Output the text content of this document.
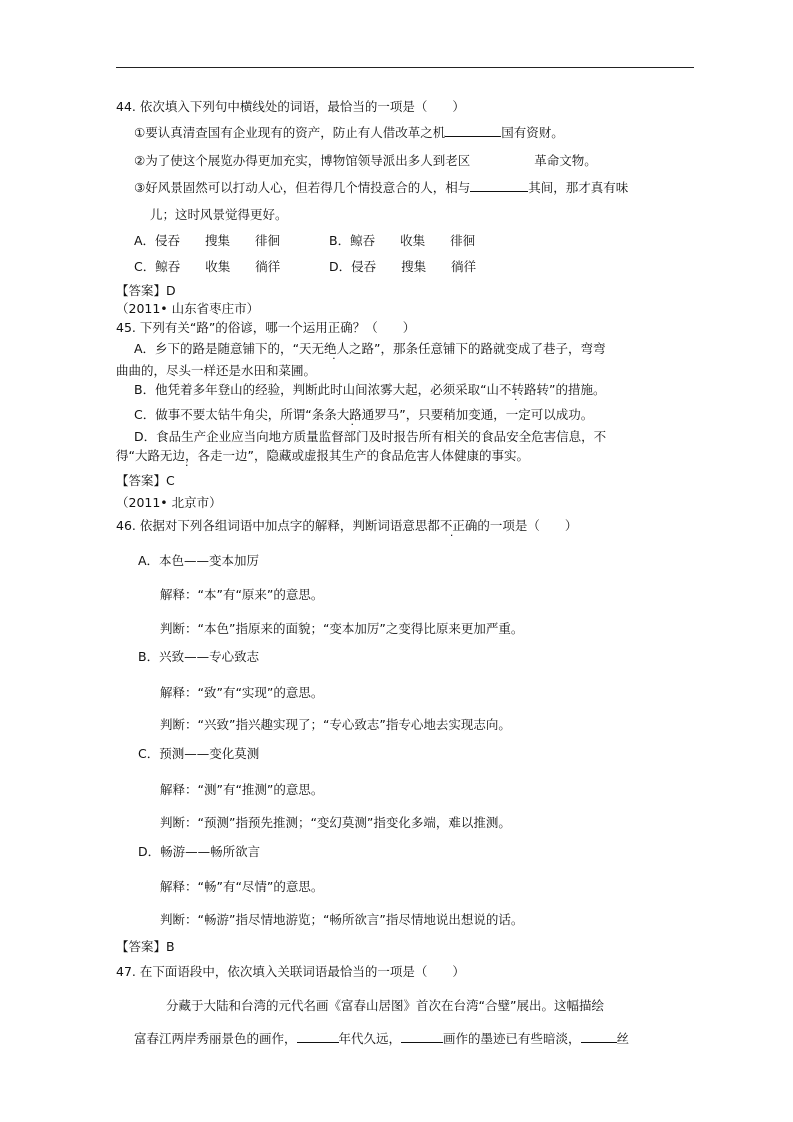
44. 依次填入下列句中横线处的词语，最恰当的一项是（　　）
①要认真清查国有企业现有的资产，防止有人借改革之机	国有资财。
②为了使这个展览办得更加充实，博物馆领导派出多人到老区	革命文物。
③好风景固然可以打动人心，但若得几个情投意合的人，相与	其间，那才真有味
儿；这时风景觉得更好。
A．侵吞　　搜集　　徘徊	B．鲸吞　　收集　　徘徊
C．鲸吞　　收集　　徜徉	D．侵吞　　搜集　　徜徉
【答案】D
（2011• 山东省枣庄市）
45. 下列有关“路”的俗谚，哪一个运用正确？（　　）
A．乡下的路是随意铺下的，“天无绝人之路” .，那条任意铺下的路就变成了巷子，弯弯
曲曲的，尽头一样还是水田和菜圃。
B．他凭着多年登山的经验，判断此时山间浓雾大起，必须采取“山不转路转” .的措施。
C．做事不要太钻牛角尖，所谓“条条大路通罗马” .，只要稍加变通，一定可以成功。
D．食品生产企业应当向地方质量监督部门及时报告所有相关的食品安全危害信息，不
得“大路无边，各走一边” .，隐藏或虚报其生产的食品危害人体健康的事实。
【答案】C
（2011• 北京市）
46. 依据对下列各组词语中加点字的解释，判断词语意思都不正确的一项是（　　）
A．本色——变本加厉
解释：“本”有“原来”的意思。
判断：“本色”指原来的面貌；“变本加厉”之变得比原来更加严重。
B．兴致——专心致志
解释：“致”有“实现”的意思。
判断：“兴致”指兴趣实现了；“专心致志”指专心地去实现志向。
C．预测——变化莫测
解释：“测”有“推测”的意思。
判断：“预测”指预先推测；“变幻莫测”指变化多端，难以推测。
D．畅游——畅所欲言
解释：“畅”有“尽情”的意思。
判断：“畅游”指尽情地游览；“畅所欲言”指尽情地说出想说的话。
【答案】B
47. 在下面语段中，依次填入关联词语最恰当的一项是（　　）
分藏于大陆和台湾的元代名画《富春山居图》首次在台湾“合璧”展出。这幅描绘
富春江两岸秀丽景色的画作，	年代久远，	画作的墨迹已有些暗淡，	丝
